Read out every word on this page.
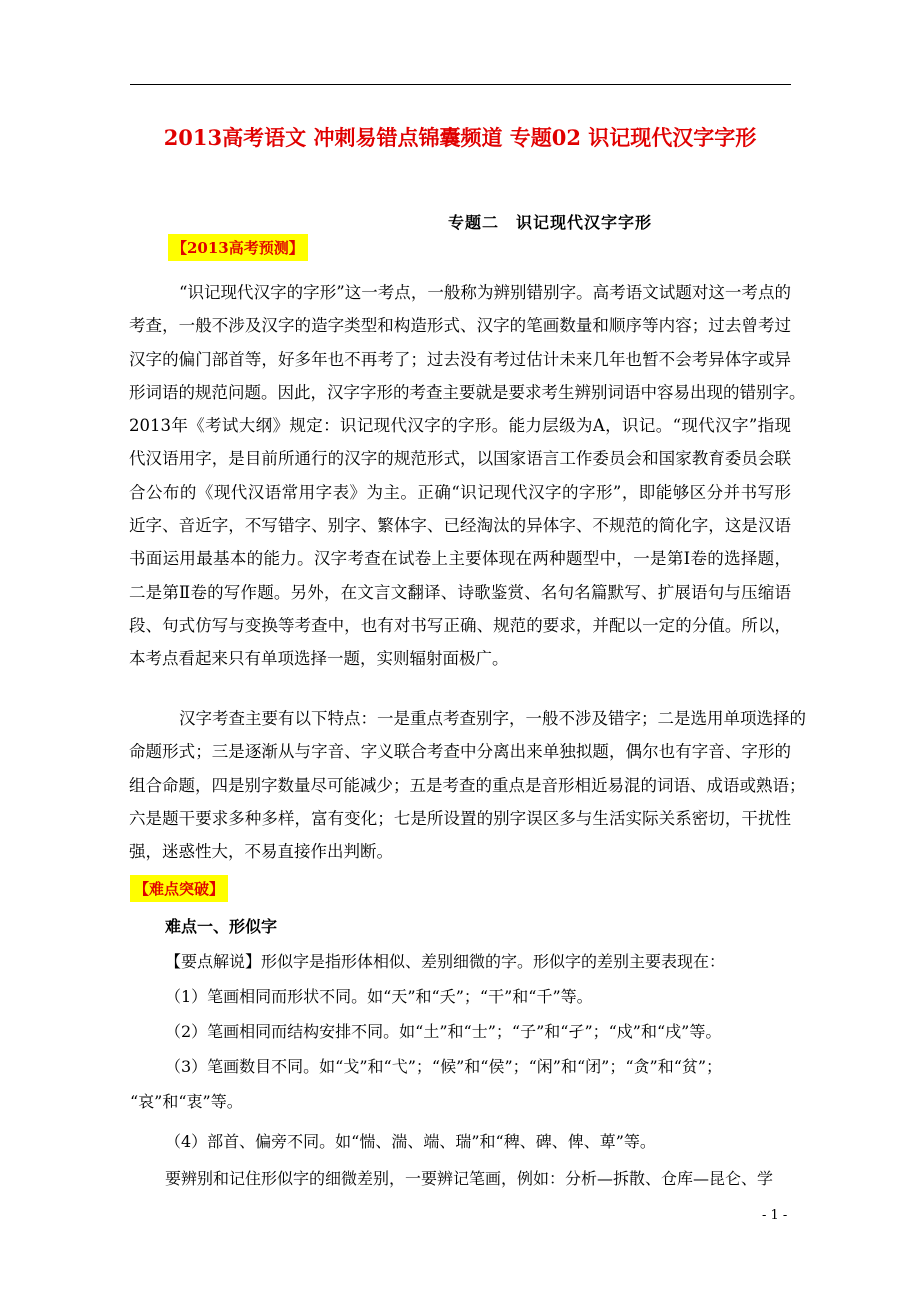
2013高考语文 冲刺易错点锦囊频道 专题02 识记现代汉字字形
专题二　识记现代汉字字形
【2013高考预测】
“识记现代汉字的字形”这一考点，一般称为辨别错别字。高考语文试题对这一考点的
考查，一般不涉及汉字的造字类型和构造形式、汉字的笔画数量和顺序等内容；过去曾考过
汉字的偏门部首等，好多年也不再考了；过去没有考过估计未来几年也暂不会考异体字或异
形词语的规范问题。因此，汉字字形的考查主要就是要求考生辨别词语中容易出现的错别字。
2013年《考试大纲》规定：识记现代汉字的字形。能力层级为A，识记。“现代汉字”指现
代汉语用字，是目前所通行的汉字的规范形式，以国家语言工作委员会和国家教育委员会联
合公布的《现代汉语常用字表》为主。正确“识记现代汉字的字形”，即能够区分并书写形
近字、音近字，不写错字、别字、繁体字、已经淘汰的异体字、不规范的简化字，这是汉语
书面运用最基本的能力。汉字考查在试卷上主要体现在两种题型中，一是第Ⅰ卷的选择题，
二是第Ⅱ卷的写作题。另外，在文言文翻译、诗歌鉴赏、名句名篇默写、扩展语句与压缩语
段、句式仿写与变换等考查中，也有对书写正确、规范的要求，并配以一定的分值。所以，
本考点看起来只有单项选择一题，实则辐射面极广。
汉字考查主要有以下特点：一是重点考查别字，一般不涉及错字；二是选用单项选择的
命题形式；三是逐渐从与字音、字义联合考查中分离出来单独拟题，偶尔也有字音、字形的
组合命题，四是别字数量尽可能减少；五是考查的重点是音形相近易混的词语、成语或熟语；
六是题干要求多种多样，富有变化；七是所设置的别字误区多与生活实际关系密切，干扰性
强，迷惑性大，不易直接作出判断。
【难点突破】
难点一、形似字
【要点解说】形似字是指形体相似、差别细微的字。形似字的差别主要表现在：
（1）笔画相同而形状不同。如“天”和“夭”；“干”和“千”等。
（2）笔画相同而结构安排不同。如“土”和“士”；“子”和“孑”；“戍”和“戌”等。
（3）笔画数目不同。如“戈”和“弋”；“候”和“侯”；“闲”和“闭”；“贪”和“贫”；
“哀”和“衷”等。
（4）部首、偏旁不同。如“惴、湍、端、瑞”和“稗、碑、俾、萆”等。
要辨别和记住形似字的细微差别，一要辨记笔画，例如：分析—拆散、仓库—昆仑、学
- 1 -
